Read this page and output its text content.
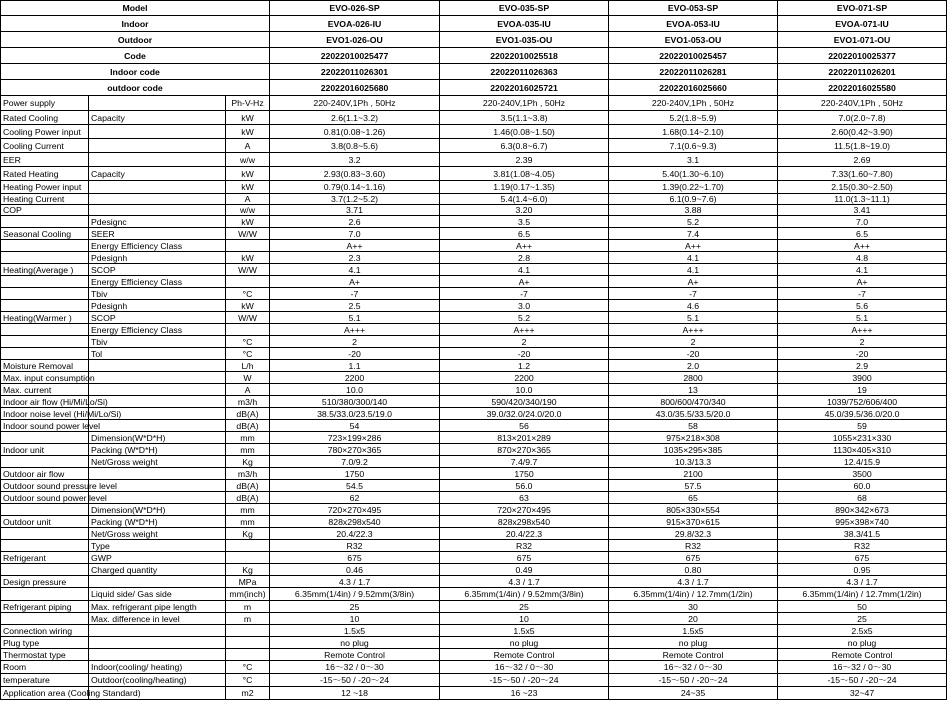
Model			EVO-026-SP	EVO-035-SP	EVO-053-SP	EVO-071-SP
Indoor			EVOA-026-IU	EVOA-035-IU	EVOA-053-IU	EVOA-071-IU
Outdoor			EVO1-026-OU	EVO1-035-OU	EVO1-053-OU	EVO1-071-OU
Code			22022010025477	22022010025518	22022010025457	22022010025377
Indoor code			22022011026301	22022011026363	22022011026281	22022011026201
outdoor code			22022016025680	22022016025721	22022016025660	22022016025580
Power supply		Ph-V-Hz	220-240V,1Ph , 50Hz	220-240V,1Ph , 50Hz	220-240V,1Ph , 50Hz	220-240V,1Ph , 50Hz
Rated Cooling	Capacity	kW	2.6(1.1~3.2)	3.5(1.1~3.8)	5.2(1.8~5.9)	7.0(2.0~7.8)
Cooling Power input		kW	0.81(0.08~1.26)	1.46(0.08~1.50)	1.68(0.14~2.10)	2.60(0.42~3.90)
Cooling Current		A	3.8(0.8~5.6)	6.3(0.8~6.7)	7.1(0.6~9.3)	11.5(1.8~19.0)
EER		w/w	3.2	2.39	3.1	2.69
Rated Heating	Capacity	kW	2.93(0.83~3.60)	3.81(1.08~4.05)	5.40(1.30~6.10)	7.33(1.60~7.80)
Heating Power input		kW	0.79(0.14~1.16)	1.19(0.17~1.35)	1.39(0.22~1.70)	2.15(0.30~2.50)
Heating Current		A	3.7(1.2~5.2)	5.4(1.4~6.0)	6.1(0.9~7.6)	11.0(1.3~11.1)
COP		w/w	3.71	3.20	3.88	3.41
	Pdesignc	kW	2.6	3.5	5.2	7.0
Seasonal Cooling	SEER	W/W	7.0	6.5	7.4	6.5
	Energy Efficiency Class		A++	A++	A++	A++
	Pdesignh	kW	2.3	2.8	4.1	4.8
Heating(Average )	SCOP	W/W	4.1	4.1	4.1	4.1
	Energy Efficiency Class		A+	A+	A+	A+
	Tbiv	°C	-7	-7	-7	-7
	Pdesignh	kW	2.5	3.0	4.6	5.6
Heating(Warmer )	SCOP	W/W	5.1	5.2	5.1	5.1
	Energy Efficiency Class		A+++	A+++	A+++	A+++
	Tbiv	°C	2	2	2	2
	Tol	°C	-20	-20	-20	-20
Moisture Removal		L/h	1.1	1.2	2.0	2.9
Max. input consumption		W	2200	2200	2800	3900
Max. current		A	10.0	10.0	13	19
Indoor air flow (Hi/Mi/Lo/Si)		m3/h	510/380/300/140	590/420/340/190	800/600/470/340	1039/752/606/400
Indoor noise level (Hi/Mi/Lo/Si)		dB(A)	38.5/33.0/23.5/19.0	39.0/32.0/24.0/20.0	43.0/35.5/33.5/20.0	45.0/39.5/36.0/20.0
Indoor sound power level		dB(A)	54	56	58	59
	Dimension(W*D*H)	mm	723×199×286	813×201×289	975×218×308	1055×231×330
Indoor unit	Packing (W*D*H)	mm	780×270×365	870×270×365	1035×295×385	1130×405×310
	Net/Gross weight	Kg	7.0/9.2	7.4/9.7	10.3/13.3	12.4/15.9
Outdoor air flow		m3/h	1750	1750	2100	3500
Outdoor sound pressure level		dB(A)	54.5	56.0	57.5	60.0
Outdoor sound power level		dB(A)	62	63	65	68
	Dimension(W*D*H)	mm	720×270×495	720×270×495	805×330×554	890×342×673
Outdoor unit	Packing (W*D*H)	mm	828x298x540	828x298x540	915×370×615	995×398×740
	Net/Gross weight	Kg	20.4/22.3	20.4/22.3	29.8/32.3	38.3/41.5
	Type		R32	R32	R32	R32
Refrigerant	GWP		675	675	675	675
	Charged quantity	Kg	0.46	0.49	0.80	0.95
Design pressure		MPa	4.3 / 1.7	4.3 / 1.7	4.3 / 1.7	4.3 / 1.7
	Liquid side/ Gas side	mm(inch)	6.35mm(1/4in) / 9.52mm(3/8in)	6.35mm(1/4in) / 9.52mm(3/8in)	6.35mm(1/4in) / 12.7mm(1/2in)	6.35mm(1/4in) / 12.7mm(1/2in)
Refrigerant piping	Max. refrigerant pipe length	m	25	25	30	50
	Max. difference in level	m	10	10	20	25
Connection wiring			1.5x5	1.5x5	1.5x5	2.5x5
Plug type			no plug	no plug	no plug	no plug
Thermostat type			Remote Control	Remote Control	Remote Control	Remote Control
Room	Indoor(cooling/ heating)	°C	16～32 / 0～30	16～32 / 0～30	16～32 / 0～30	16～32 / 0～30
temperature	Outdoor(cooling/heating)	°C	-15～50 / -20～24	-15～50 / -20～24	-15～50 / -20～24	-15～50 / -20～24
Application area (Cooling Standard)		m2	12 ~18	16 ~23	24~35	32~47
